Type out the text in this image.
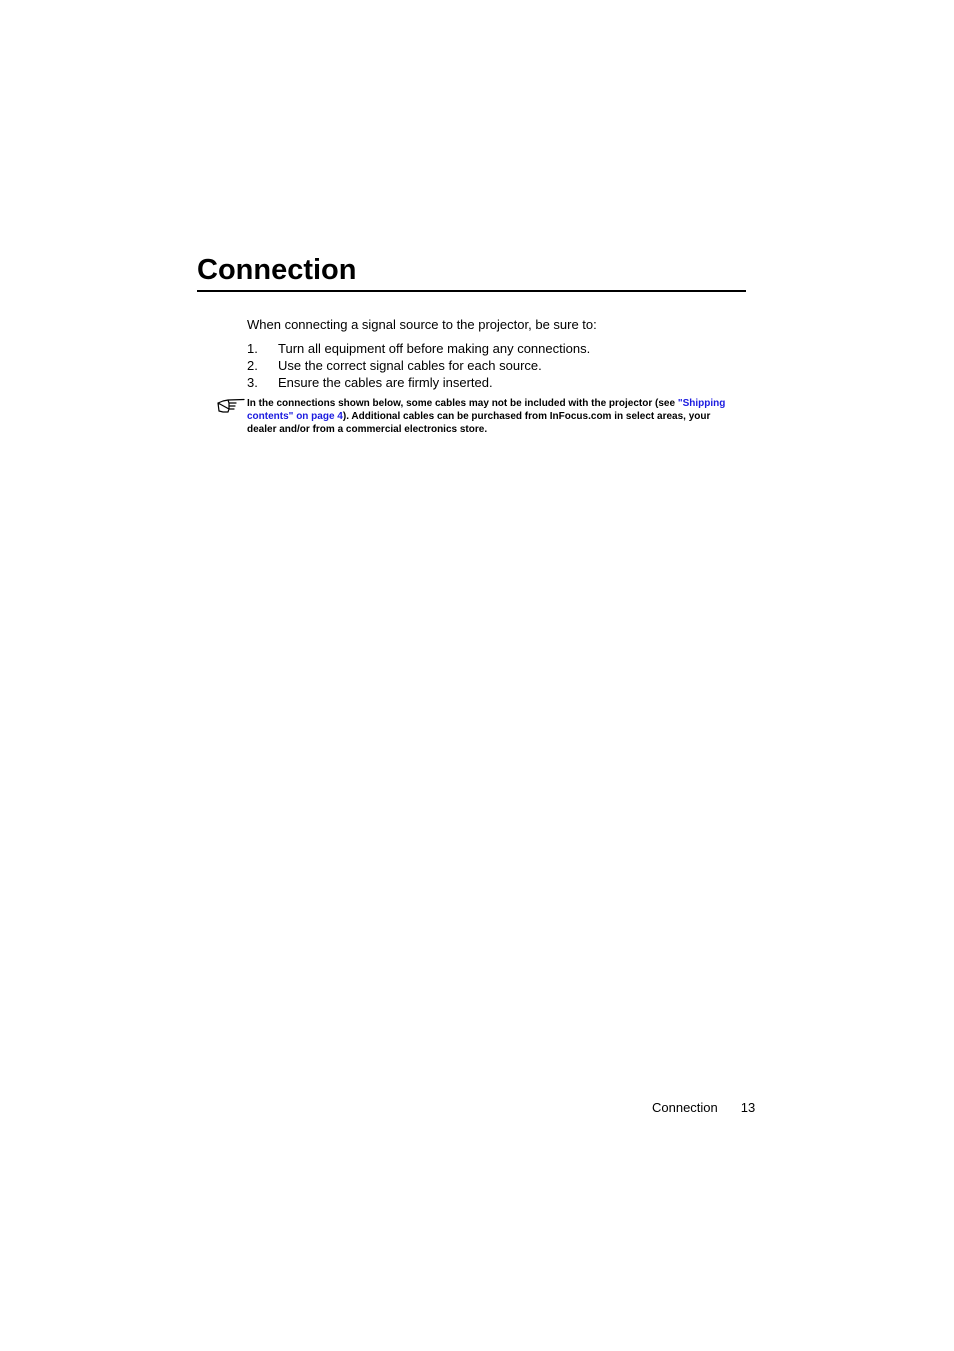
Connection

When connecting a signal source to the projector, be sure to:

1.	Turn all equipment off before making any connections.
2.	Use the correct signal cables for each source.
3.	Ensure the cables are firmly inserted.

In the connections shown below, some cables may not be included with the projector (see "Shipping contents" on page 4). Additional cables can be purchased from InFocus.com in select areas, your dealer and/or from a commercial electronics store.

Connection 13
